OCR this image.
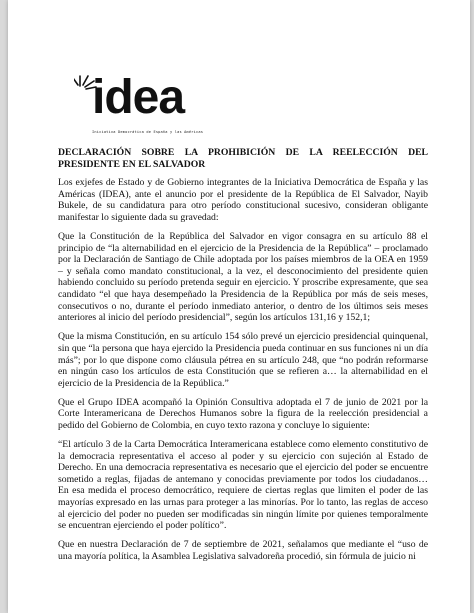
idea
Iniciativa Democrática de España y las Américas
DECLARACIÓN SOBRE LA PROHIBICIÓN DE LA REELECCIÓN DEL PRESIDENTE EN EL SALVADOR

Los exjefes de Estado y de Gobierno integrantes de la Iniciativa Democrática de España y las Américas (IDEA), ante el anuncio por el presidente de la República de El Salvador, Nayib Bukele, de su candidatura para otro período constitucional sucesivo, consideran obligante manifestar lo siguiente dada su gravedad:

Que la Constitución de la República del Salvador en vigor consagra en su artículo 88 el principio de “la alternabilidad en el ejercicio de la Presidencia de la República” – proclamado por la Declaración de Santiago de Chile adoptada por los países miembros de la OEA en 1959 – y señala como mandato constitucional, a la vez, el desconocimiento del presidente quien habiendo concluido su período pretenda seguir en ejercicio. Y proscribe expresamente, que sea candidato “el que haya desempeñado la Presidencia de la República por más de seis meses, consecutivos o no, durante el período inmediato anterior, o dentro de los últimos seis meses anteriores al inicio del período presidencial”, según los artículos 131,16 y 152,1;

Que la misma Constitución, en su artículo 154 sólo prevé un ejercicio presidencial quinquenal, sin que “la persona que haya ejercido la Presidencia pueda continuar en sus funciones ni un día más”; por lo que dispone como cláusula pétrea en su artículo 248, que “no podrán reformarse en ningún caso los artículos de esta Constitución que se refieren a… la alternabilidad en el ejercicio de la Presidencia de la República.”

Que el Grupo IDEA acompañó la Opinión Consultiva adoptada el 7 de junio de 2021 por la Corte Interamericana de Derechos Humanos sobre la figura de la reelección presidencial a pedido del Gobierno de Colombia, en cuyo texto razona y concluye lo siguiente:

“El artículo 3 de la Carta Democrática Interamericana establece como elemento constitutivo de la democracia representativa el acceso al poder y su ejercicio con sujeción al Estado de Derecho. En una democracia representativa es necesario que el ejercicio del poder se encuentre sometido a reglas, fijadas de antemano y conocidas previamente por todos los ciudadanos… En esa medida el proceso democrático, requiere de ciertas reglas que limiten el poder de las mayorías expresado en las urnas para proteger a las minorías. Por lo tanto, las reglas de acceso al ejercicio del poder no pueden ser modificadas sin ningún límite por quienes temporalmente se encuentran ejerciendo el poder político”.

Que en nuestra Declaración de 7 de septiembre de 2021, señalamos que mediante el “uso de una mayoría política, la Asamblea Legislativa salvadoreña procedió, sin fórmula de juicio ni
